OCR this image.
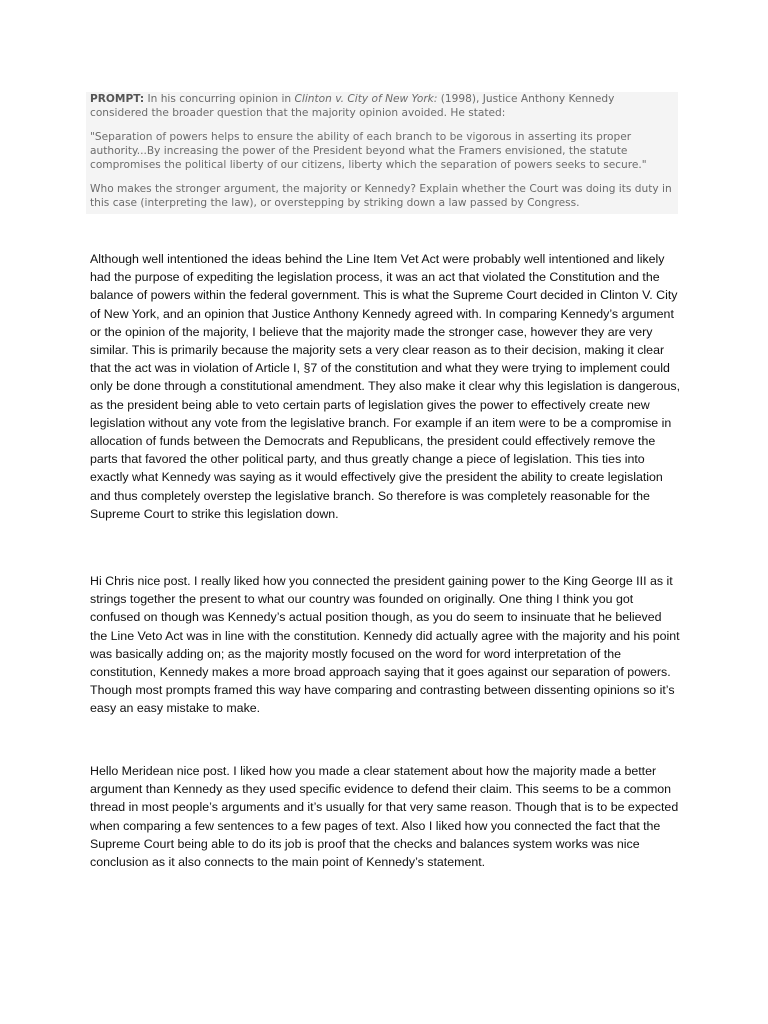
PROMPT: In his concurring opinion in Clinton v. City of New York: (1998), Justice Anthony Kennedy considered the broader question that the majority opinion avoided. He stated:

"Separation of powers helps to ensure the ability of each branch to be vigorous in asserting its proper authority...By increasing the power of the President beyond what the Framers envisioned, the statute compromises the political liberty of our citizens, liberty which the separation of powers seeks to secure."

Who makes the stronger argument, the majority or Kennedy? Explain whether the Court was doing its duty in this case (interpreting the law), or overstepping by striking down a law passed by Congress.

Although well intentioned the ideas behind the Line Item Vet Act were probably well intentioned and likely had the purpose of expediting the legislation process, it was an act that violated the Constitution and the balance of powers within the federal government. This is what the Supreme Court decided in Clinton V. City of New York, and an opinion that Justice Anthony Kennedy agreed with. In comparing Kennedy’s argument or the opinion of the majority, I believe that the majority made the stronger case, however they are very similar. This is primarily because the majority sets a very clear reason as to their decision, making it clear that the act was in violation of Article I, §7 of the constitution and what they were trying to implement could only be done through a constitutional amendment. They also make it clear why this legislation is dangerous, as the president being able to veto certain parts of legislation gives the power to effectively create new legislation without any vote from the legislative branch. For example if an item were to be a compromise in allocation of funds between the Democrats and Republicans, the president could effectively remove the parts that favored the other political party, and thus greatly change a piece of legislation. This ties into exactly what Kennedy was saying as it would effectively give the president the ability to create legislation and thus completely overstep the legislative branch. So therefore is was completely reasonable for the Supreme Court to strike this legislation down.

Hi Chris nice post. I really liked how you connected the president gaining power to the King George III as it strings together the present to what our country was founded on originally. One thing I think you got confused on though was Kennedy’s actual position though, as you do seem to insinuate that he believed the Line Veto Act was in line with the constitution. Kennedy did actually agree with the majority and his point was basically adding on; as the majority mostly focused on the word for word interpretation of the constitution, Kennedy makes a more broad approach saying that it goes against our separation of powers. Though most prompts framed this way have comparing and contrasting between dissenting opinions so it’s easy an easy mistake to make.

Hello Meridean nice post. I liked how you made a clear statement about how the majority made a better argument than Kennedy as they used specific evidence to defend their claim. This seems to be a common thread in most people’s arguments and it’s usually for that very same reason. Though that is to be expected when comparing a few sentences to a few pages of text. Also I liked how you connected the fact that the Supreme Court being able to do its job is proof that the checks and balances system works was nice conclusion as it also connects to the main point of Kennedy’s statement.
